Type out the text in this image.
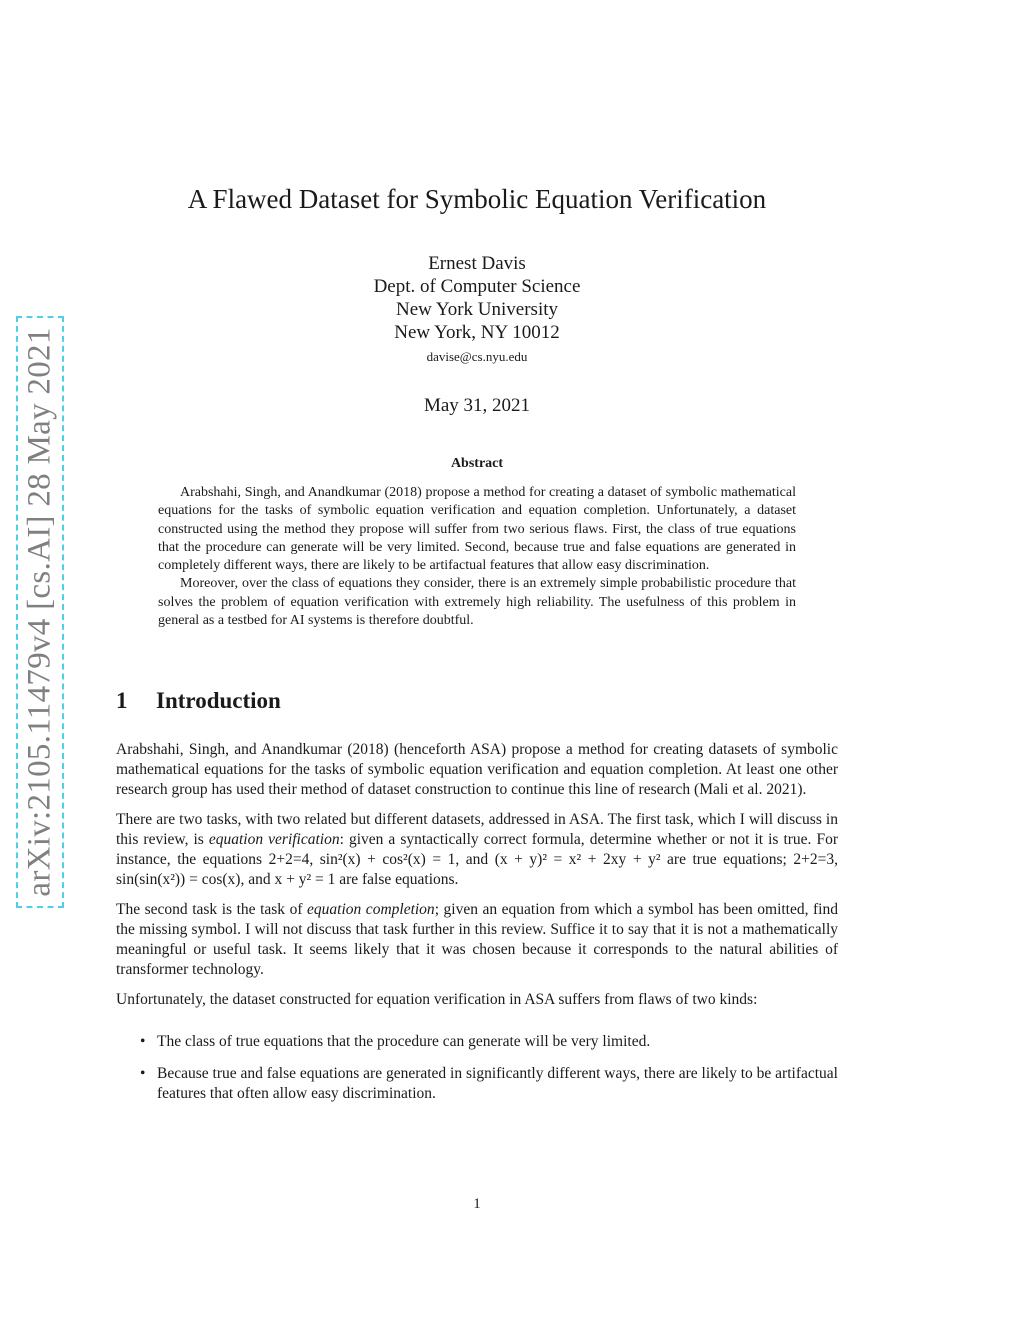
arXiv:2105.11479v4 [cs.AI] 28 May 2021
A Flawed Dataset for Symbolic Equation Verification
Ernest Davis
Dept. of Computer Science
New York University
New York, NY 10012
davise@cs.nyu.edu
May 31, 2021
Abstract

Arabshahi, Singh, and Anandkumar (2018) propose a method for creating a dataset of symbolic mathematical equations for the tasks of symbolic equation verification and equation completion. Unfortunately, a dataset constructed using the method they propose will suffer from two serious flaws. First, the class of true equations that the procedure can generate will be very limited. Second, because true and false equations are generated in completely different ways, there are likely to be artifactual features that allow easy discrimination.

Moreover, over the class of equations they consider, there is an extremely simple probabilistic procedure that solves the problem of equation verification with extremely high reliability. The usefulness of this problem in general as a testbed for AI systems is therefore doubtful.

1 Introduction

Arabshahi, Singh, and Anandkumar (2018) (henceforth ASA) propose a method for creating datasets of symbolic mathematical equations for the tasks of symbolic equation verification and equation completion. At least one other research group has used their method of dataset construction to continue this line of research (Mali et al. 2021).

There are two tasks, with two related but different datasets, addressed in ASA. The first task, which I will discuss in this review, is equation verification: given a syntactically correct formula, determine whether or not it is true. For instance, the equations 2+2=4, sin²(x) + cos²(x) = 1, and (x + y)² = x² + 2xy + y² are true equations; 2+2=3, sin(sin(x²)) = cos(x), and x + y² = 1 are false equations.

The second task is the task of equation completion; given an equation from which a symbol has been omitted, find the missing symbol. I will not discuss that task further in this review. Suffice it to say that it is not a mathematically meaningful or useful task. It seems likely that it was chosen because it corresponds to the natural abilities of transformer technology.

Unfortunately, the dataset constructed for equation verification in ASA suffers from flaws of two kinds:

• The class of true equations that the procedure can generate will be very limited.
• Because true and false equations are generated in significantly different ways, there are likely to be artifactual features that often allow easy discrimination.
1
